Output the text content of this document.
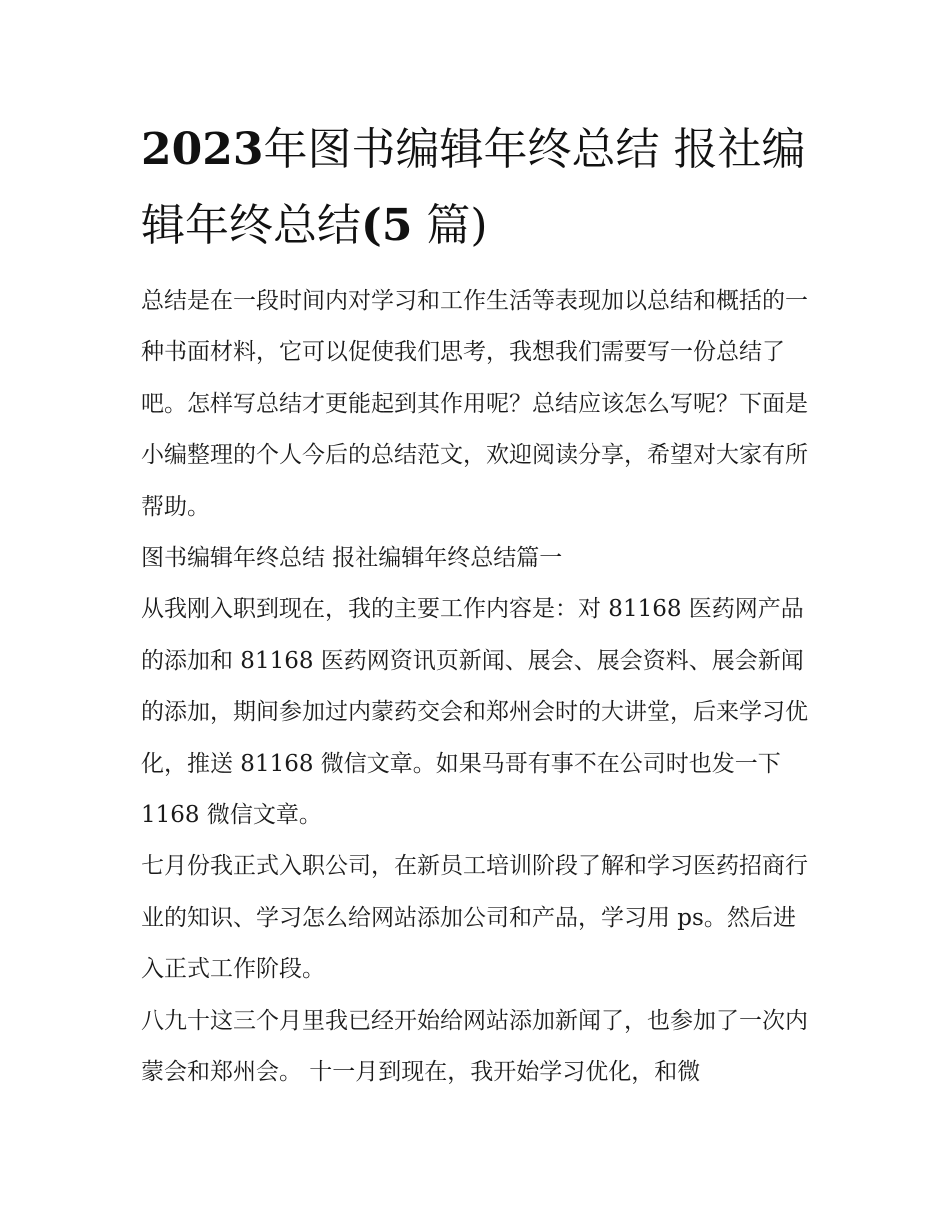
2023年图书编辑年终总结 报社编辑年终总结(5 篇)

总结是在一段时间内对学习和工作生活等表现加以总结和概括的一种书面材料，它可以促使我们思考，我想我们需要写一份总结了吧。怎样写总结才更能起到其作用呢？总结应该怎么写呢？下面是小编整理的个人今后的总结范文，欢迎阅读分享，希望对大家有所帮助。

图书编辑年终总结 报社编辑年终总结篇一

从我刚入职到现在，我的主要工作内容是：对 81168 医药网产品的添加和 81168 医药网资讯页新闻、展会、展会资料、展会新闻的添加，期间参加过内蒙药交会和郑州会时的大讲堂，后来学习优化，推送 81168 微信文章。如果马哥有事不在公司时也发一下 1168 微信文章。

七月份我正式入职公司，在新员工培训阶段了解和学习医药招商行业的知识、学习怎么给网站添加公司和产品，学习用 ps。然后进入正式工作阶段。

八九十这三个月里我已经开始给网站添加新闻了，也参加了一次内蒙会和郑州会。 十一月到现在，我开始学习优化，和微
